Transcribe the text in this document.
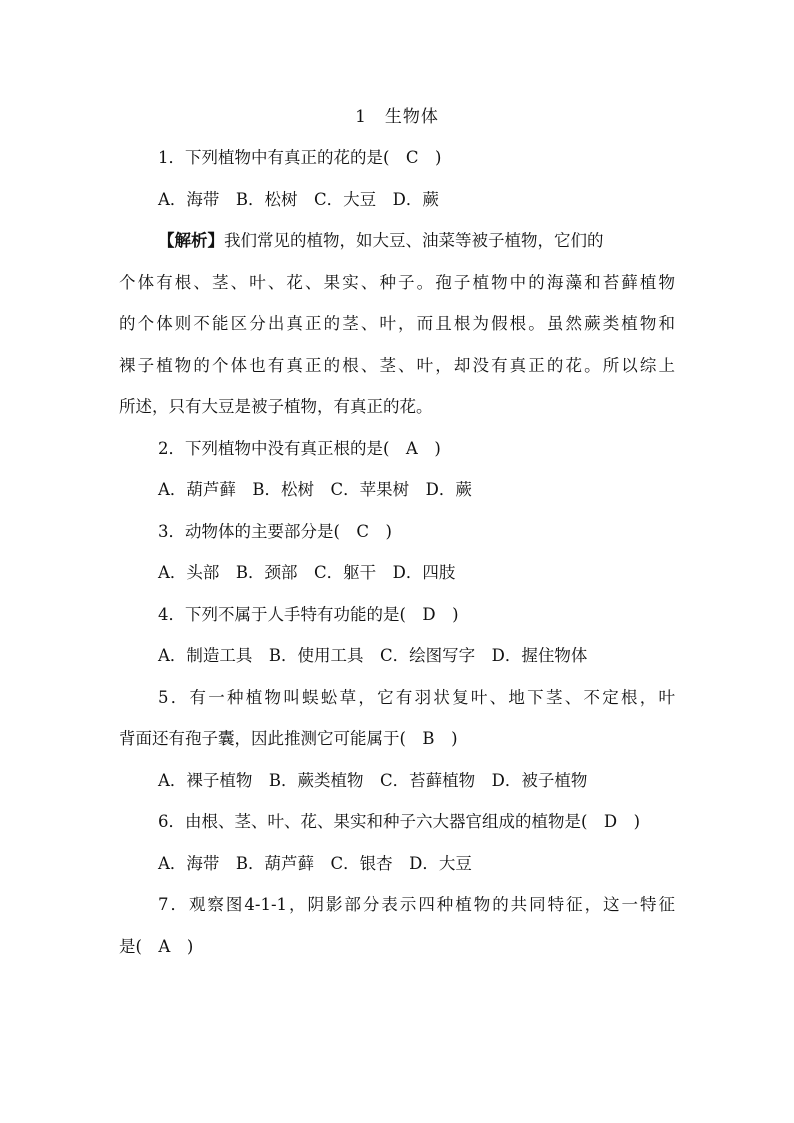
1 生物体
1．下列植物中有真正的花的是(　C　)
A．海带　B．松树　C．大豆　D．蕨
【解析】我们常见的植物，如大豆、油菜等被子植物，它们的
个体有根、茎、叶、花、果实、种子。孢子植物中的海藻和苔藓植物
的个体则不能区分出真正的茎、叶，而且根为假根。虽然蕨类植物和
裸子植物的个体也有真正的根、茎、叶，却没有真正的花。所以综上
所述，只有大豆是被子植物，有真正的花。
2．下列植物中没有真正根的是(　A　)
A．葫芦藓　B．松树　C．苹果树　D．蕨
3．动物体的主要部分是(　C　)
A．头部　B．颈部　C．躯干　D．四肢
4．下列不属于人手特有功能的是(　D　)
A．制造工具　B．使用工具　C．绘图写字　D．握住物体
5．有一种植物叫蜈蚣草，它有羽状复叶、地下茎、不定根，叶
背面还有孢子囊，因此推测它可能属于(　B　)
A．裸子植物　B．蕨类植物　C．苔藓植物　D．被子植物
6．由根、茎、叶、花、果实和种子六大器官组成的植物是(　D　)
A．海带　B．葫芦藓　C．银杏　D．大豆
7．观察图4-1-1，阴影部分表示四种植物的共同特征，这一特征
是(　A　)
